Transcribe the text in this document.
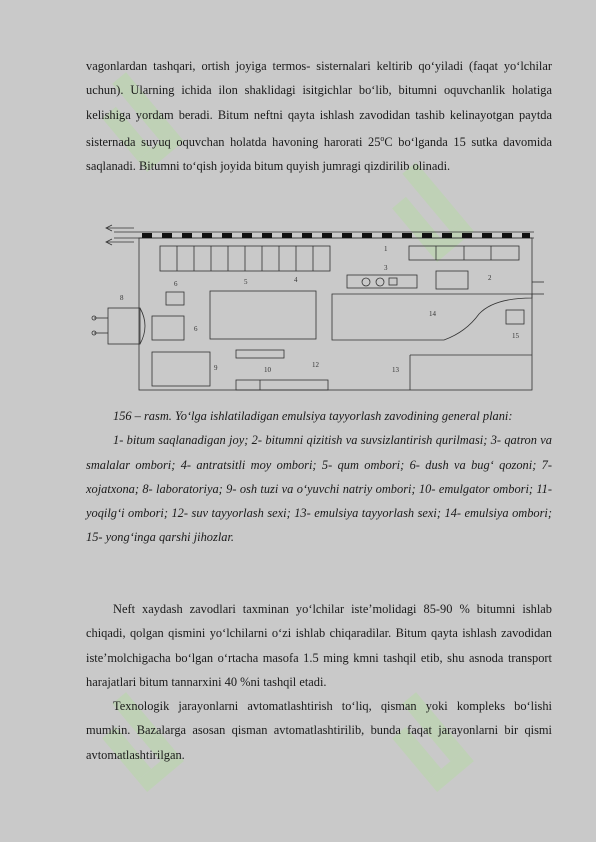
vagonlardan tashqari, ortish joyiga termos- sisternalari keltirib qo‘yiladi (faqat yo‘lchilar uchun). Ularning ichida ilon shaklidagi isitgichlar bo‘lib, bitumni oquvchanlik holatiga kelishiga yordam beradi. Bitum neftni qayta ishlash zavodidan tashib kelinayotgan paytda sisternada suyuq oquvchan holatda havoning harorati 25$^o$C bo‘lganda 15 sutka davomida saqlanadi. Bitumni to‘qish joyida bitum quyish jumragi qizdirilib olinadi.

1
2
3
4
5
6
6
8
9	10
12
13
14
15

156 – rasm. Yo‘lga ishlatiladigan emulsiya tayyorlash zavodining general plani:

1- bitum saqlanadigan joy; 2- bitumni qizitish va suvsizlantirish qurilmasi; 3- qatron va smalalar ombori; 4- antratsitli moy ombori; 5- qum ombori; 6- dush va bug‘ qozoni; 7- xojatxona; 8- laboratoriya; 9- osh tuzi va o‘yuvchi natriy ombori; 10- emulgator ombori; 11- yoqilg‘i ombori; 12- suv tayyorlash sexi; 13- emulsiya tayyorlash sexi; 14- emulsiya ombori; 15- yong‘inga qarshi jihozlar.

Neft xaydash zavodlari taxminan yo‘lchilar iste’molidagi 85-90 % bitumni ishlab chiqadi, qolgan qismini yo‘lchilarni o‘zi ishlab chiqaradilar. Bitum qayta ishlash zavodidan iste’molchigacha bo‘lgan o‘rtacha masofa 1.5 ming kmni tashqil etib, shu asnoda transport harajatlari bitum tannarxini 40 %ni tashqil etadi.

Texnologik jarayonlarni avtomatlashtirish to‘liq, qisman yoki kompleks bo‘lishi mumkin. Bazalarga asosan qisman avtomatlashtirilib, bunda faqat jarayonlarni bir qismi avtomatlashtirilgan.
